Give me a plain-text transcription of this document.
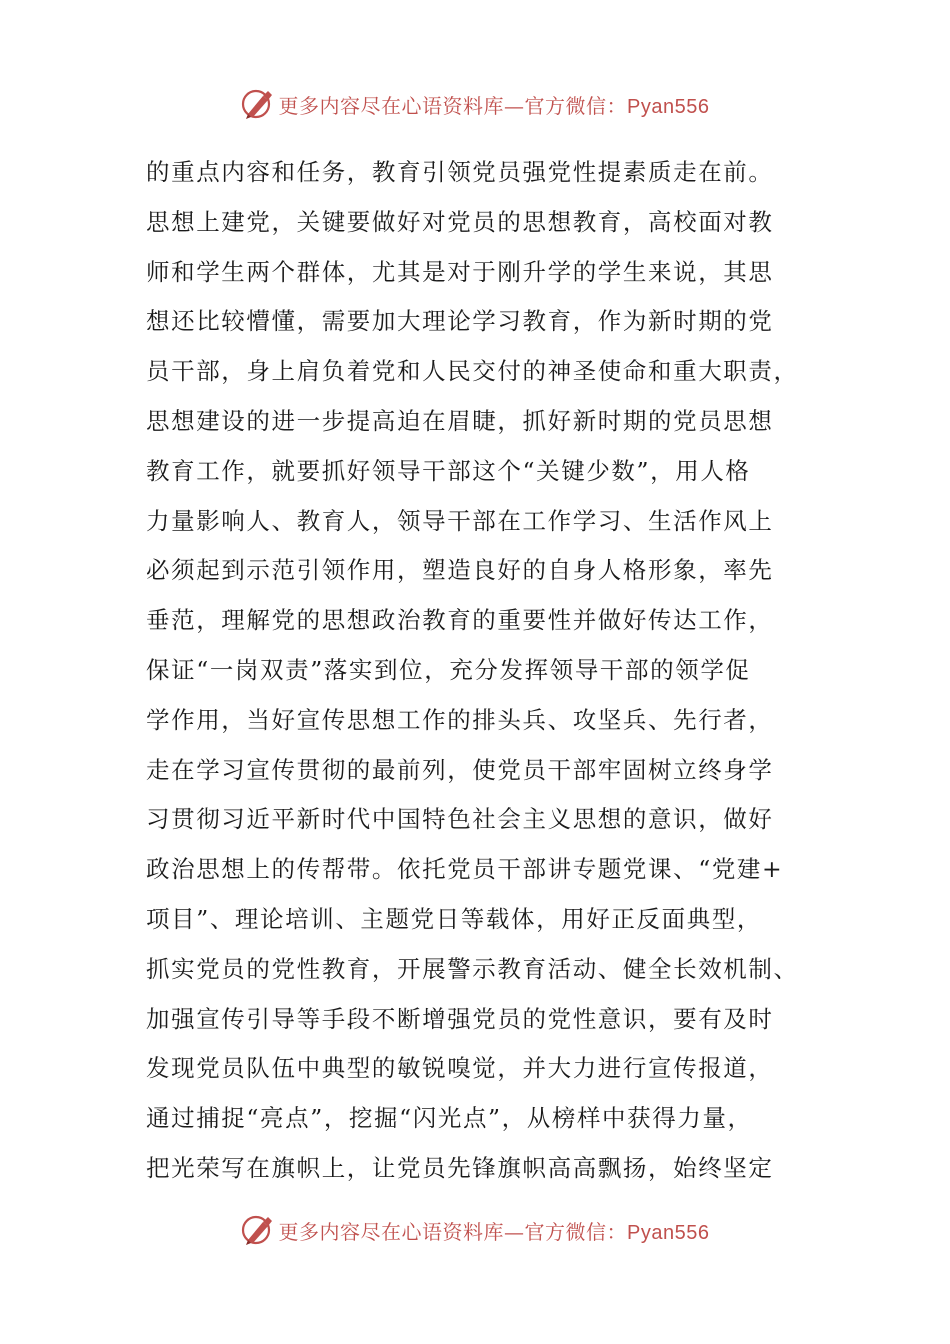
更多内容尽在心语资料库—官方微信：Pyan556
的重点内容和任务，教育引领党员强党性提素质走在前。
思想上建党，关键要做好对党员的思想教育，高校面对教
师和学生两个群体，尤其是对于刚升学的学生来说，其思
想还比较懵懂，需要加大理论学习教育，作为新时期的党
员干部，身上肩负着党和人民交付的神圣使命和重大职责，
思想建设的进一步提高迫在眉睫，抓好新时期的党员思想
教育工作，就要抓好领导干部这个“关键少数”，用人格
力量影响人、教育人，领导干部在工作学习、生活作风上
必须起到示范引领作用，塑造良好的自身人格形象，率先
垂范，理解党的思想政治教育的重要性并做好传达工作，
保证“一岗双责”落实到位，充分发挥领导干部的领学促
学作用，当好宣传思想工作的排头兵、攻坚兵、先行者，
走在学习宣传贯彻的最前列，使党员干部牢固树立终身学
习贯彻习近平新时代中国特色社会主义思想的意识，做好
政治思想上的传帮带。依托党员干部讲专题党课、“党建+
项目”、理论培训、主题党日等载体，用好正反面典型，
抓实党员的党性教育，开展警示教育活动、健全长效机制、
加强宣传引导等手段不断增强党员的党性意识，要有及时
发现党员队伍中典型的敏锐嗅觉，并大力进行宣传报道，
通过捕捉“亮点”，挖掘“闪光点”，从榜样中获得力量，
把光荣写在旗帜上，让党员先锋旗帜高高飘扬，始终坚定
更多内容尽在心语资料库—官方微信：Pyan556
